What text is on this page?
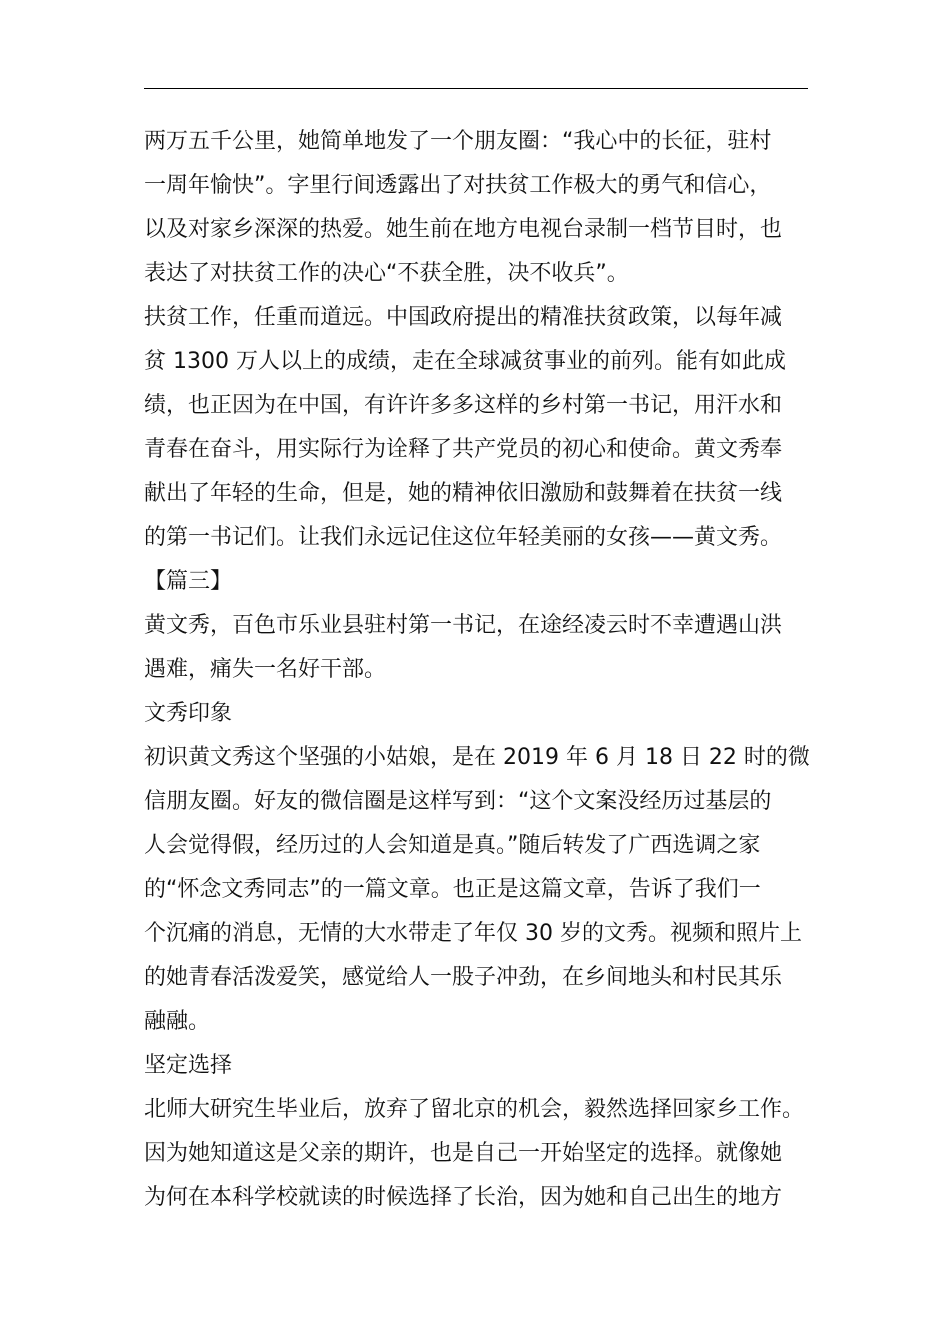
两万五千公里，她简单地发了一个朋友圈：“我心中的长征，驻村
一周年愉快”。字里行间透露出了对扶贫工作极大的勇气和信心，
以及对家乡深深的热爱。她生前在地方电视台录制一档节目时，也
表达了对扶贫工作的决心“不获全胜，决不收兵”。
扶贫工作，任重而道远。中国政府提出的精准扶贫政策，以每年减
贫 1300 万人以上的成绩，走在全球减贫事业的前列。能有如此成
绩，也正因为在中国，有许许多多这样的乡村第一书记，用汗水和
青春在奋斗，用实际行为诠释了共产党员的初心和使命。黄文秀奉
献出了年轻的生命，但是，她的精神依旧激励和鼓舞着在扶贫一线
的第一书记们。让我们永远记住这位年轻美丽的女孩——黄文秀。
【篇三】
黄文秀，百色市乐业县驻村第一书记，在途经凌云时不幸遭遇山洪
遇难，痛失一名好干部。
文秀印象
初识黄文秀这个坚强的小姑娘，是在 2019 年 6 月 18 日 22 时的微
信朋友圈。好友的微信圈是这样写到：“这个文案没经历过基层的
人会觉得假，经历过的人会知道是真。”随后转发了广西选调之家
的“怀念文秀同志”的一篇文章。也正是这篇文章，告诉了我们一
个沉痛的消息，无情的大水带走了年仅 30 岁的文秀。视频和照片上
的她青春活泼爱笑，感觉给人一股子冲劲，在乡间地头和村民其乐
融融。
坚定选择
北师大研究生毕业后，放弃了留北京的机会，毅然选择回家乡工作。
因为她知道这是父亲的期许，也是自己一开始坚定的选择。就像她
为何在本科学校就读的时候选择了长治，因为她和自己出生的地方
